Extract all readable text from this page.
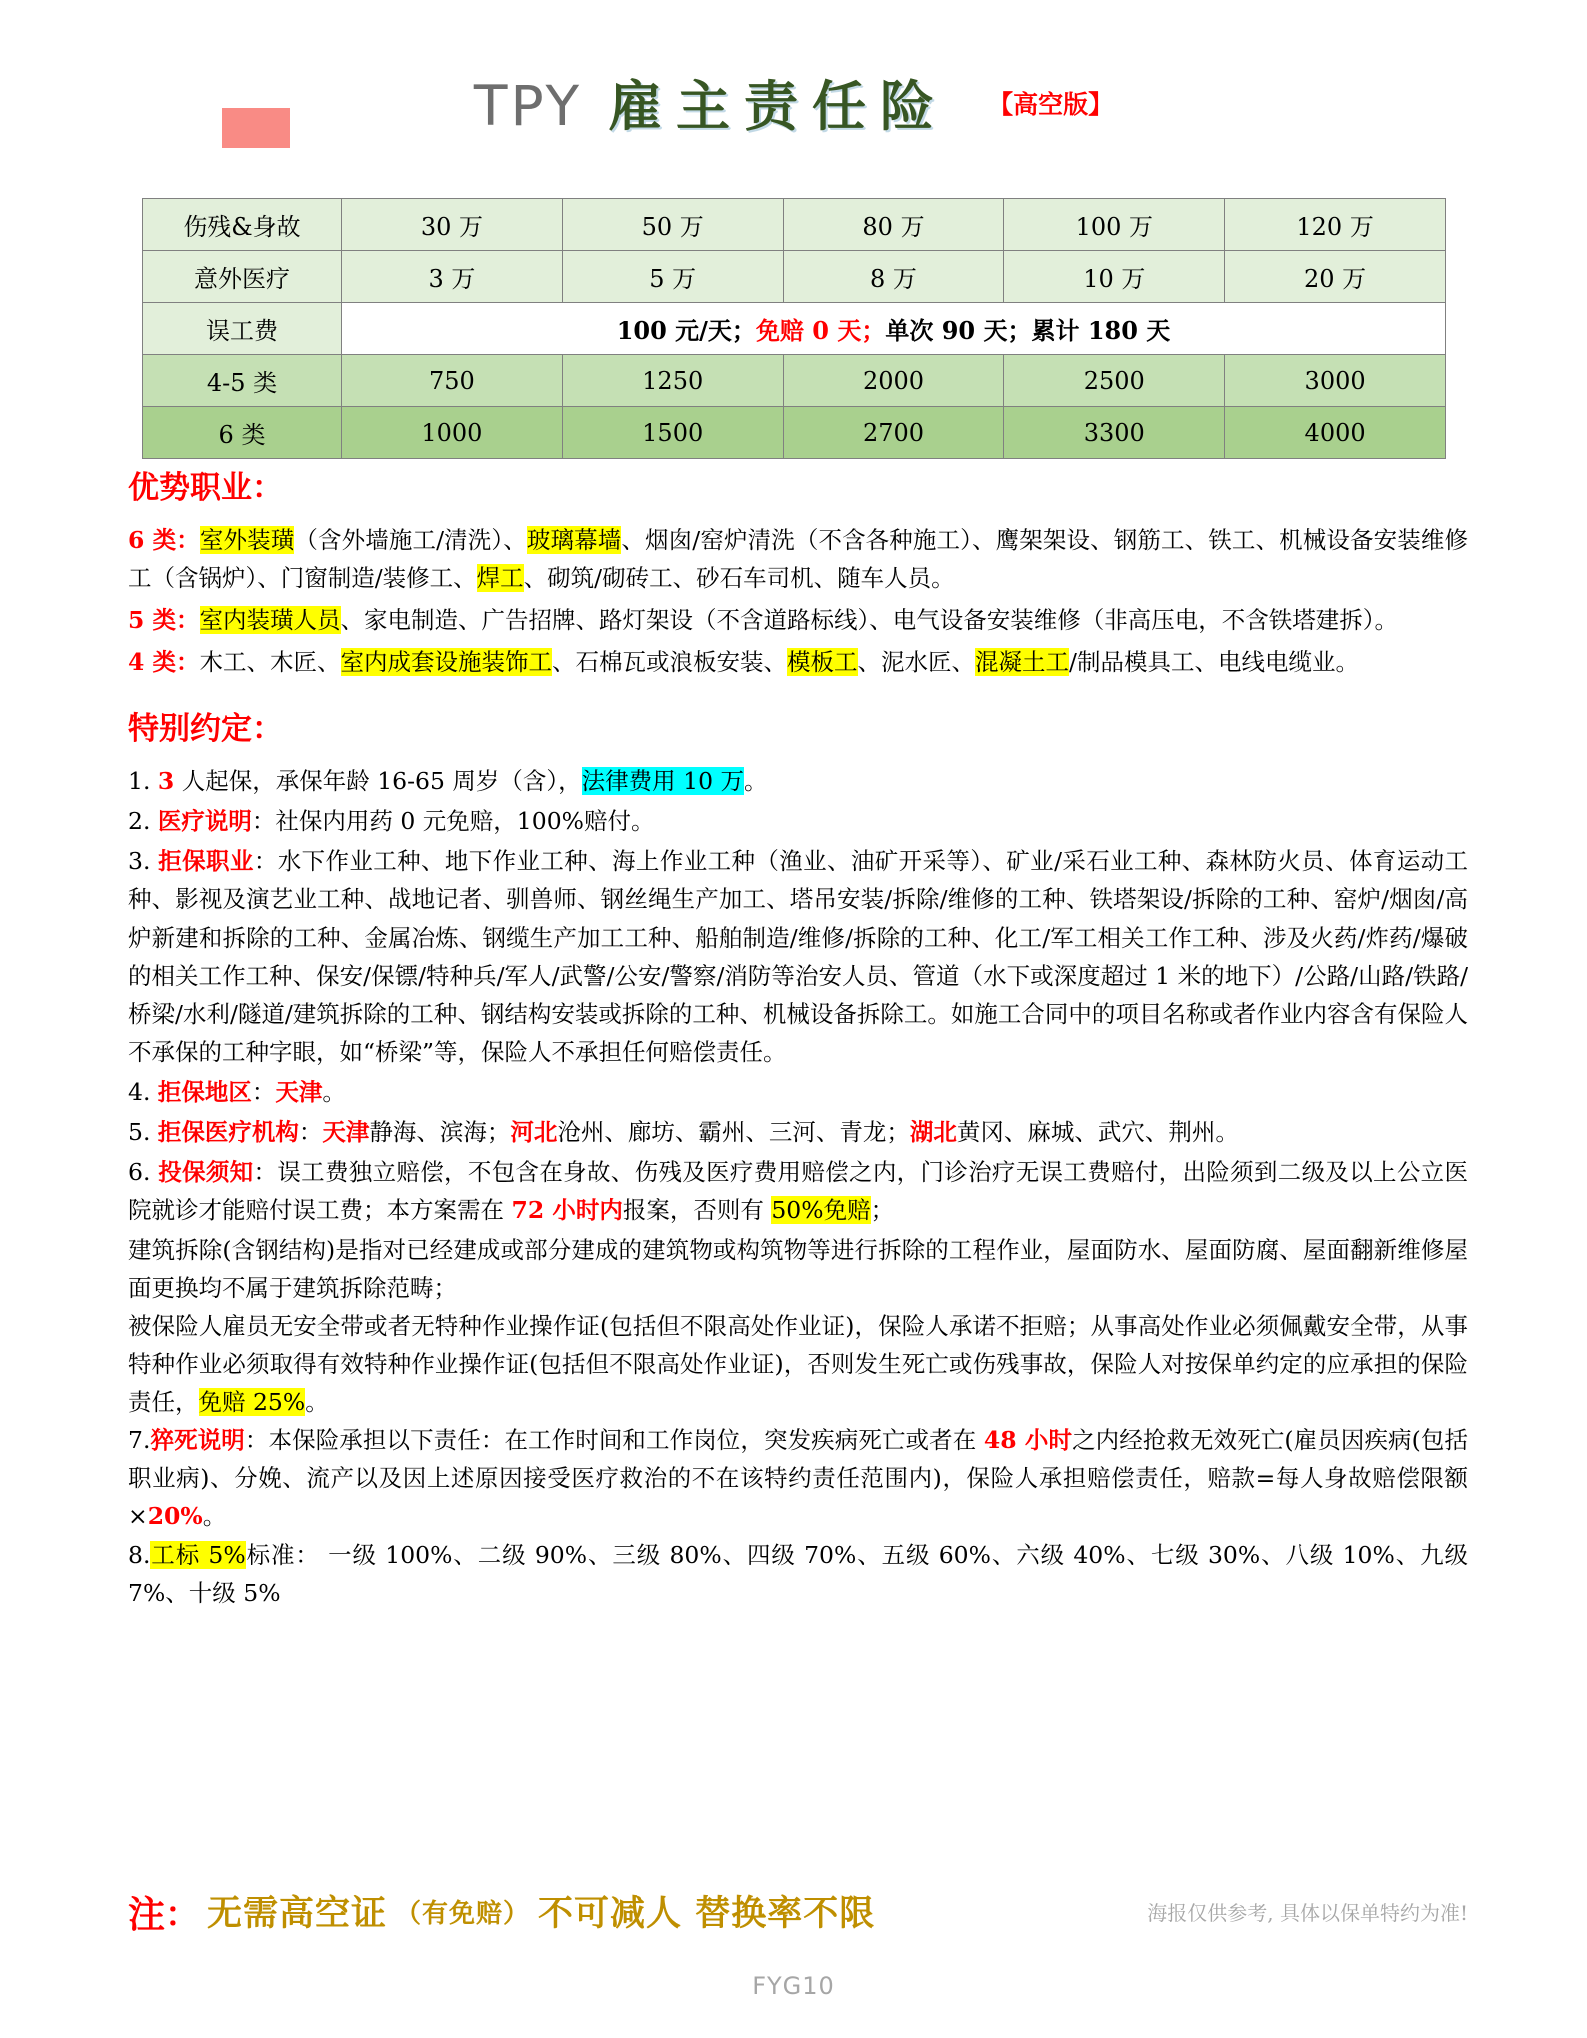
TPY 雇主责任险 【高空版】
伤残&身故	30 万	50 万	80 万	100 万	120 万
意外医疗	3 万	5 万	8 万	10 万	20 万
误工费	100 元/天；免赔 0 天；单次 90 天；累计 180 天				
4-5 类	750	1250	2000	2500	3000
6 类	1000	1500	2700	3300	4000
优势职业：

6 类：室外装璜（含外墙施工/清洗）、玻璃幕墙、烟囱/窑炉清洗（不含各种施工）、鹰架架设、钢筋工、铁工、机械设备安装维修工（含锅炉）、门窗制造/装修工、焊工、砌筑/砌砖工、砂石车司机、随车人员。

5 类：室内装璜人员、家电制造、广告招牌、路灯架设（不含道路标线）、电气设备安装维修（非高压电，不含铁塔建拆）。

4 类：木工、木匠、室内成套设施装饰工、石棉瓦或浪板安装、模板工、泥水匠、混凝土工/制品模具工、电线电缆业。

特别约定：
1. 3 人起保，承保年龄 16-65 周岁（含），法律费用 10 万。
2. 医疗说明：社保内用药 0 元免赔，100%赔付。
3. 拒保职业：水下作业工种、地下作业工种、海上作业工种（渔业、油矿开采等）、矿业/采石业工种、森林防火员、体育运动工种、影视及演艺业工种、战地记者、驯兽师、钢丝绳生产加工、塔吊安装/拆除/维修的工种、铁塔架设/拆除的工种、窑炉/烟囱/高炉新建和拆除的工种、金属冶炼、钢缆生产加工工种、船舶制造/维修/拆除的工种、化工/军工相关工作工种、涉及火药/炸药/爆破的相关工作工种、保安/保镖/特种兵/军人/武警/公安/警察/消防等治安人员、管道（水下或深度超过 1 米的地下）/公路/山路/铁路/桥梁/水利/隧道/建筑拆除的工种、钢结构安装或拆除的工种、机械设备拆除工。如施工合同中的项目名称或者作业内容含有保险人不承保的工种字眼，如“桥梁”等，保险人不承担任何赔偿责任。
4. 拒保地区：天津。
5. 拒保医疗机构：天津静海、滨海；河北沧州、廊坊、霸州、三河、青龙；湖北黄冈、麻城、武穴、荆州。
6. 投保须知：误工费独立赔偿，不包含在身故、伤残及医疗费用赔偿之内，门诊治疗无误工费赔付，出险须到二级及以上公立医院就诊才能赔付误工费；本方案需在 72 小时内报案，否则有 50%免赔；

建筑拆除(含钢结构)是指对已经建成或部分建成的建筑物或构筑物等进行拆除的工程作业，屋面防水、屋面防腐、屋面翻新维修屋面更换均不属于建筑拆除范畴；

被保险人雇员无安全带或者无特种作业操作证(包括但不限高处作业证)，保险人承诺不拒赔；从事高处作业必须佩戴安全带，从事特种作业必须取得有效特种作业操作证(包括但不限高处作业证)，否则发生死亡或伤残事故，保险人对按保单约定的应承担的保险责任，免赔 25%。

7.猝死说明：本保险承担以下责任：在工作时间和工作岗位，突发疾病死亡或者在 48 小时之内经抢救无效死亡(雇员因疾病(包括职业病)、分娩、流产以及因上述原因接受医疗救治的不在该特约责任范围内)，保险人承担赔偿责任，赔款=每人身故赔偿限额×20%。

8.工标 5%标准： 一级 100%、二级 90%、三级 80%、四级 70%、五级 60%、六级 40%、七级 30%、八级 10%、九级 7%、十级 5%

注 ： 无需高空证 （有免赔） 不可减人 替换率不限	海报仅供参考, 具体以保单特约为准!
FYG10
